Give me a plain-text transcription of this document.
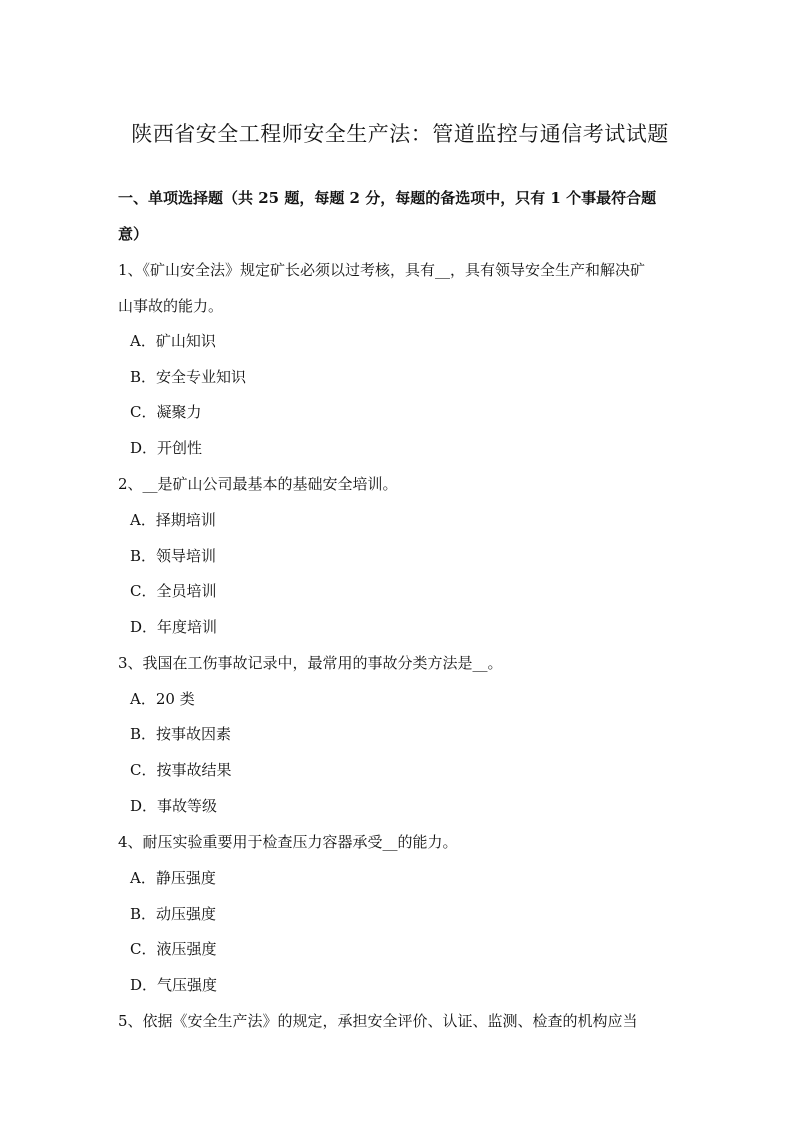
陕西省安全工程师安全生产法：管道监控与通信考试试题
一、单项选择题（共 25 题，每题 2 分，每题的备选项中，只有 1 个事最符合题
意）
1、《矿山安全法》规定矿长必须以过考核，具有__，具有领导安全生产和解决矿
山事故的能力。
A．矿山知识
B．安全专业知识
C．凝聚力
D．开创性
2、__是矿山公司最基本的基础安全培训。
A．择期培训
B．领导培训
C．全员培训
D．年度培训
3、我国在工伤事故记录中，最常用的事故分类方法是__。
A．20 类
B．按事故因素
C．按事故结果
D．事故等级
4、耐压实验重要用于检查压力容器承受__的能力。
A．静压强度
B．动压强度
C．液压强度
D．气压强度
5、依据《安全生产法》的规定，承担安全评价、认证、监测、检查的机构应当
